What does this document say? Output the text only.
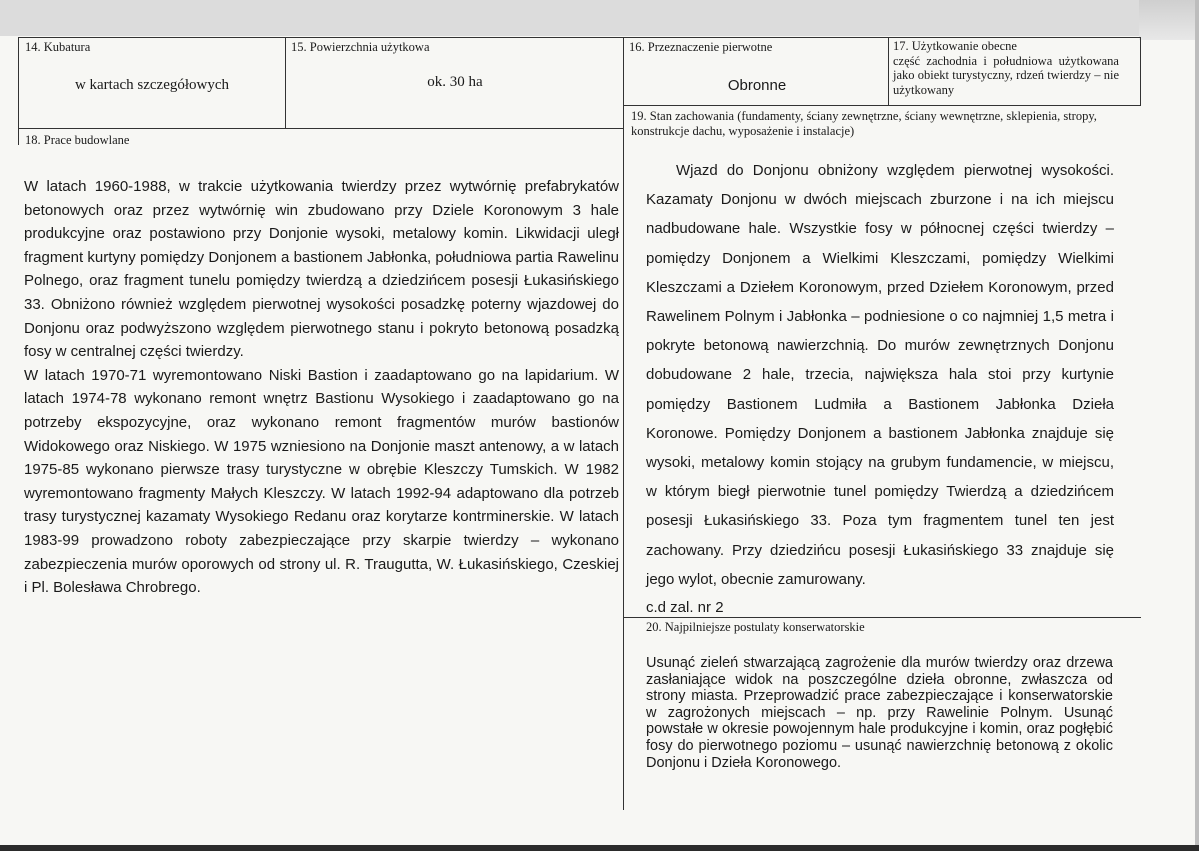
14. Kubatura
w kartach szczegółowych
15. Powierzchnia użytkowa
ok. 30 ha
16. Przeznaczenie pierwotne
Obronne
17. Użytkowanie obecne
część zachodnia i południowa użytkowana jako obiekt turystyczny, rdzeń twierdzy – nie użytkowany
18. Prace budowlane

W latach 1960-1988, w trakcie użytkowania twierdzy przez wytwórnię prefabrykatów betonowych oraz przez wytwórnię win zbudowano przy Dziele Koronowym 3 hale produkcyjne oraz postawiono przy Donjonie wysoki, metalowy komin. Likwidacji uległ fragment kurtyny pomiędzy Donjonem a bastionem Jabłonka, południowa partia Rawelinu Polnego, oraz fragment tunelu pomiędzy twierdzą a dziedzińcem posesji Łukasińskiego 33. Obniżono również względem pierwotnej wysokości posadzkę poterny wjazdowej do Donjonu oraz podwyższono względem pierwotnego stanu i pokryto betonową posadzką fosy w centralnej części twierdzy.

W latach 1970-71 wyremontowano Niski Bastion i zaadaptowano go na lapidarium. W latach 1974-78 wykonano remont wnętrz Bastionu Wysokiego i zaadaptowano go na potrzeby ekspozycyjne, oraz wykonano remont fragmentów murów bastionów Widokowego oraz Niskiego. W 1975 wzniesiono na Donjonie maszt antenowy, a w latach 1975-85 wykonano pierwsze trasy turystyczne w obrębie Kleszczy Tumskich. W 1982 wyremontowano fragmenty Małych Kleszczy. W latach 1992-94 adaptowano dla potrzeb trasy turystycznej kazamaty Wysokiego Redanu oraz korytarze kontrminerskie. W latach 1983-99 prowadzono roboty zabezpieczające przy skarpie twierdzy – wykonano zabezpieczenia murów oporowych od strony ul. R. Traugutta, W. Łukasińskiego, Czeskiej i Pl. Bolesława Chrobrego.

19. Stan zachowania (fundamenty, ściany zewnętrzne, ściany wewnętrzne, sklepienia, stropy, konstrukcje dachu, wyposażenie i instalacje)

Wjazd do Donjonu obniżony względem pierwotnej wysokości. Kazamaty Donjonu w dwóch miejscach zburzone i na ich miejscu nadbudowane hale. Wszystkie fosy w północnej części twierdzy – pomiędzy Donjonem a Wielkimi Kleszczami, pomiędzy Wielkimi Kleszczami a Dziełem Koronowym, przed Dziełem Koronowym, przed Rawelinem Polnym i Jabłonka – podniesione o co najmniej 1,5 metra i pokryte betonową nawierzchnią. Do murów zewnętrznych Donjonu dobudowane 2 hale, trzecia, największa hala stoi przy kurtynie pomiędzy Bastionem Ludmiła a Bastionem Jabłonka Dzieła Koronowe. Pomiędzy Donjonem a bastionem Jabłonka znajduje się wysoki, metalowy komin stojący na grubym fundamencie, w miejscu, w którym biegł pierwotnie tunel pomiędzy Twierdzą a dziedzińcem posesji Łukasińskiego 33. Poza tym fragmentem tunel ten jest zachowany. Przy dziedzińcu posesji Łukasińskiego 33 znajduje się jego wylot, obecnie zamurowany.

c.d zal. nr 2
20. Najpilniejsze postulaty konserwatorskie

Usunąć zieleń stwarzającą zagrożenie dla murów twierdzy oraz drzewa zasłaniające widok na poszczególne dzieła obronne, zwłaszcza od strony miasta. Przeprowadzić prace zabezpieczające i konserwatorskie w zagrożonych miejscach – np. przy Rawelinie Polnym. Usunąć powstałe w okresie powojennym hale produkcyjne i komin, oraz pogłębić fosy do pierwotnego poziomu – usunąć nawierzchnię betonową z okolic Donjonu i Dzieła Koronowego.
